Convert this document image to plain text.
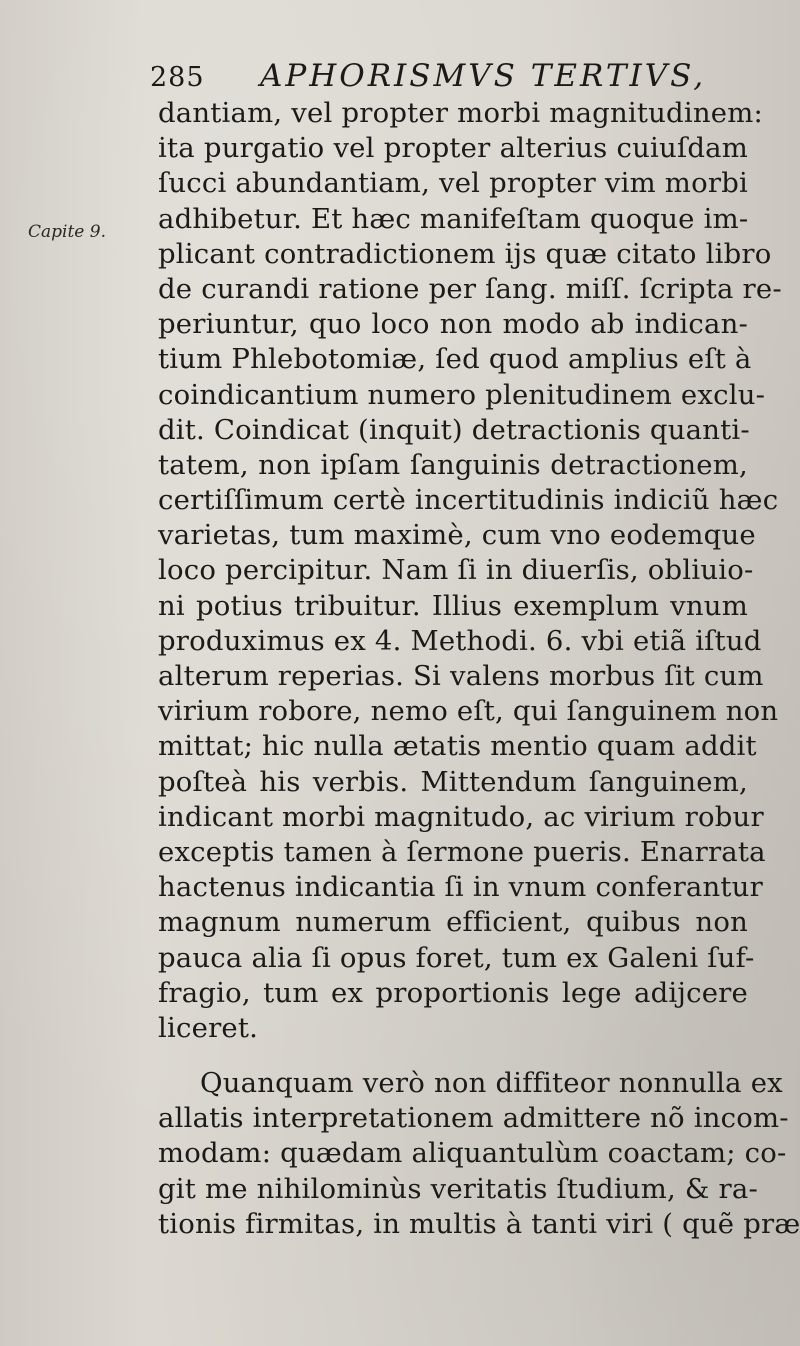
285 APHORISMVS TERTIVS,
Capite 9.
dantiam, vel propter morbi magnitudinem:
ita purgatio vel propter alterius cuiuſdam
ſucci abundantiam, vel propter vim morbi
adhibetur. Et hæc manifeſtam quoque im-
plicant contradictionem ijs quæ citato libro
de curandi ratione per ſang. miſſ. ſcripta re-
periuntur, quo loco non modo ab indican-
tium Phlebotomiæ, ſed quod amplius eſt à
coindicantium numero plenitudinem exclu-
dit. Coindicat (inquit) detractionis quanti-
tatem, non ipſam ſanguinis detractionem,
certiſſimum certè incertitudinis indiciũ hæc
varietas, tum maximè, cum vno eodemque
loco percipitur. Nam ſi in diuerſis, obliuio-
ni potius tribuitur. Illius exemplum vnum
produximus ex 4. Methodi. 6. vbi etiã iſtud
alterum reperias. Si valens morbus ſit cum
virium robore, nemo eſt, qui ſanguinem non
mittat; hic nulla ætatis mentio quam addit
poſteà his verbis. Mittendum ſanguinem,
indicant morbi magnitudo, ac virium robur
exceptis tamen à ſermone pueris. Enarrata
hactenus indicantia ſi in vnum conferantur
magnum numerum efficient, quibus non
pauca alia ſi opus foret, tum ex Galeni ſuf-
fragio, tum ex proportionis lege adijcere
liceret.
Quanquam verò non diffiteor nonnulla ex
allatis interpretationem admittere nõ incom-
modam: quædam aliquantulùm coactam; co-
git me nihilominùs veritatis ſtudium, & ra-
tionis firmitas, in multis à tanti viri ( quẽ præ
